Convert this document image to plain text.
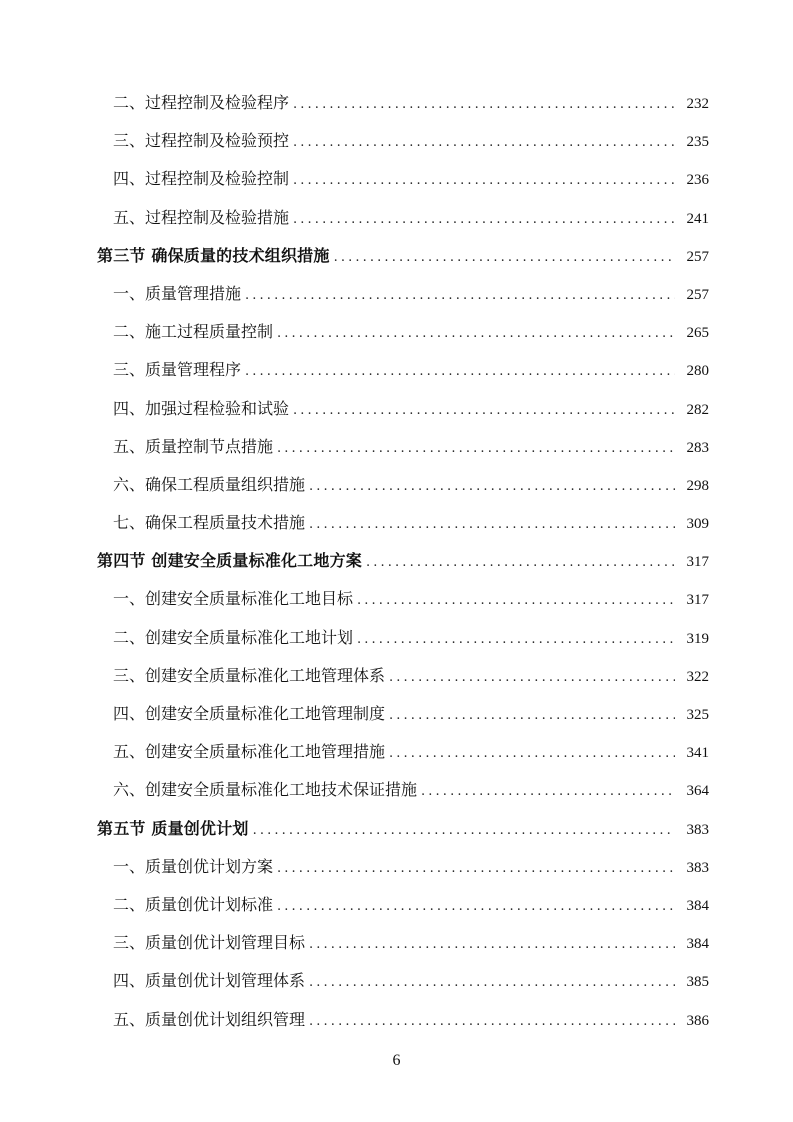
二、过程控制及检验程序 . . .	232
三、过程控制及检验预控 . . .	235
四、过程控制及检验控制 . . .	236
五、过程控制及检验措施 . . .	241
第三节 确保质量的技术组织措施 . . .	257
一、质量管理措施 . . .	257
二、施工过程质量控制 . . .	265
三、质量管理程序 . . .	280
四、加强过程检验和试验 . . .	282
五、质量控制节点措施 . . .	283
六、确保工程质量组织措施 . . .	298
七、确保工程质量技术措施 . . .	309
第四节 创建安全质量标准化工地方案 . . .	317
一、创建安全质量标准化工地目标 . . .	317
二、创建安全质量标准化工地计划 . . .	319
三、创建安全质量标准化工地管理体系 . . .	322
四、创建安全质量标准化工地管理制度 . . .	325
五、创建安全质量标准化工地管理措施 . . .	341
六、创建安全质量标准化工地技术保证措施 . . .	364
第五节 质量创优计划 . . .	383
一、质量创优计划方案 . . .	383
二、质量创优计划标准 . . .	384
三、质量创优计划管理目标 . . .	384
四、质量创优计划管理体系 . . .	385
五、质量创优计划组织管理 . . .	386
6
